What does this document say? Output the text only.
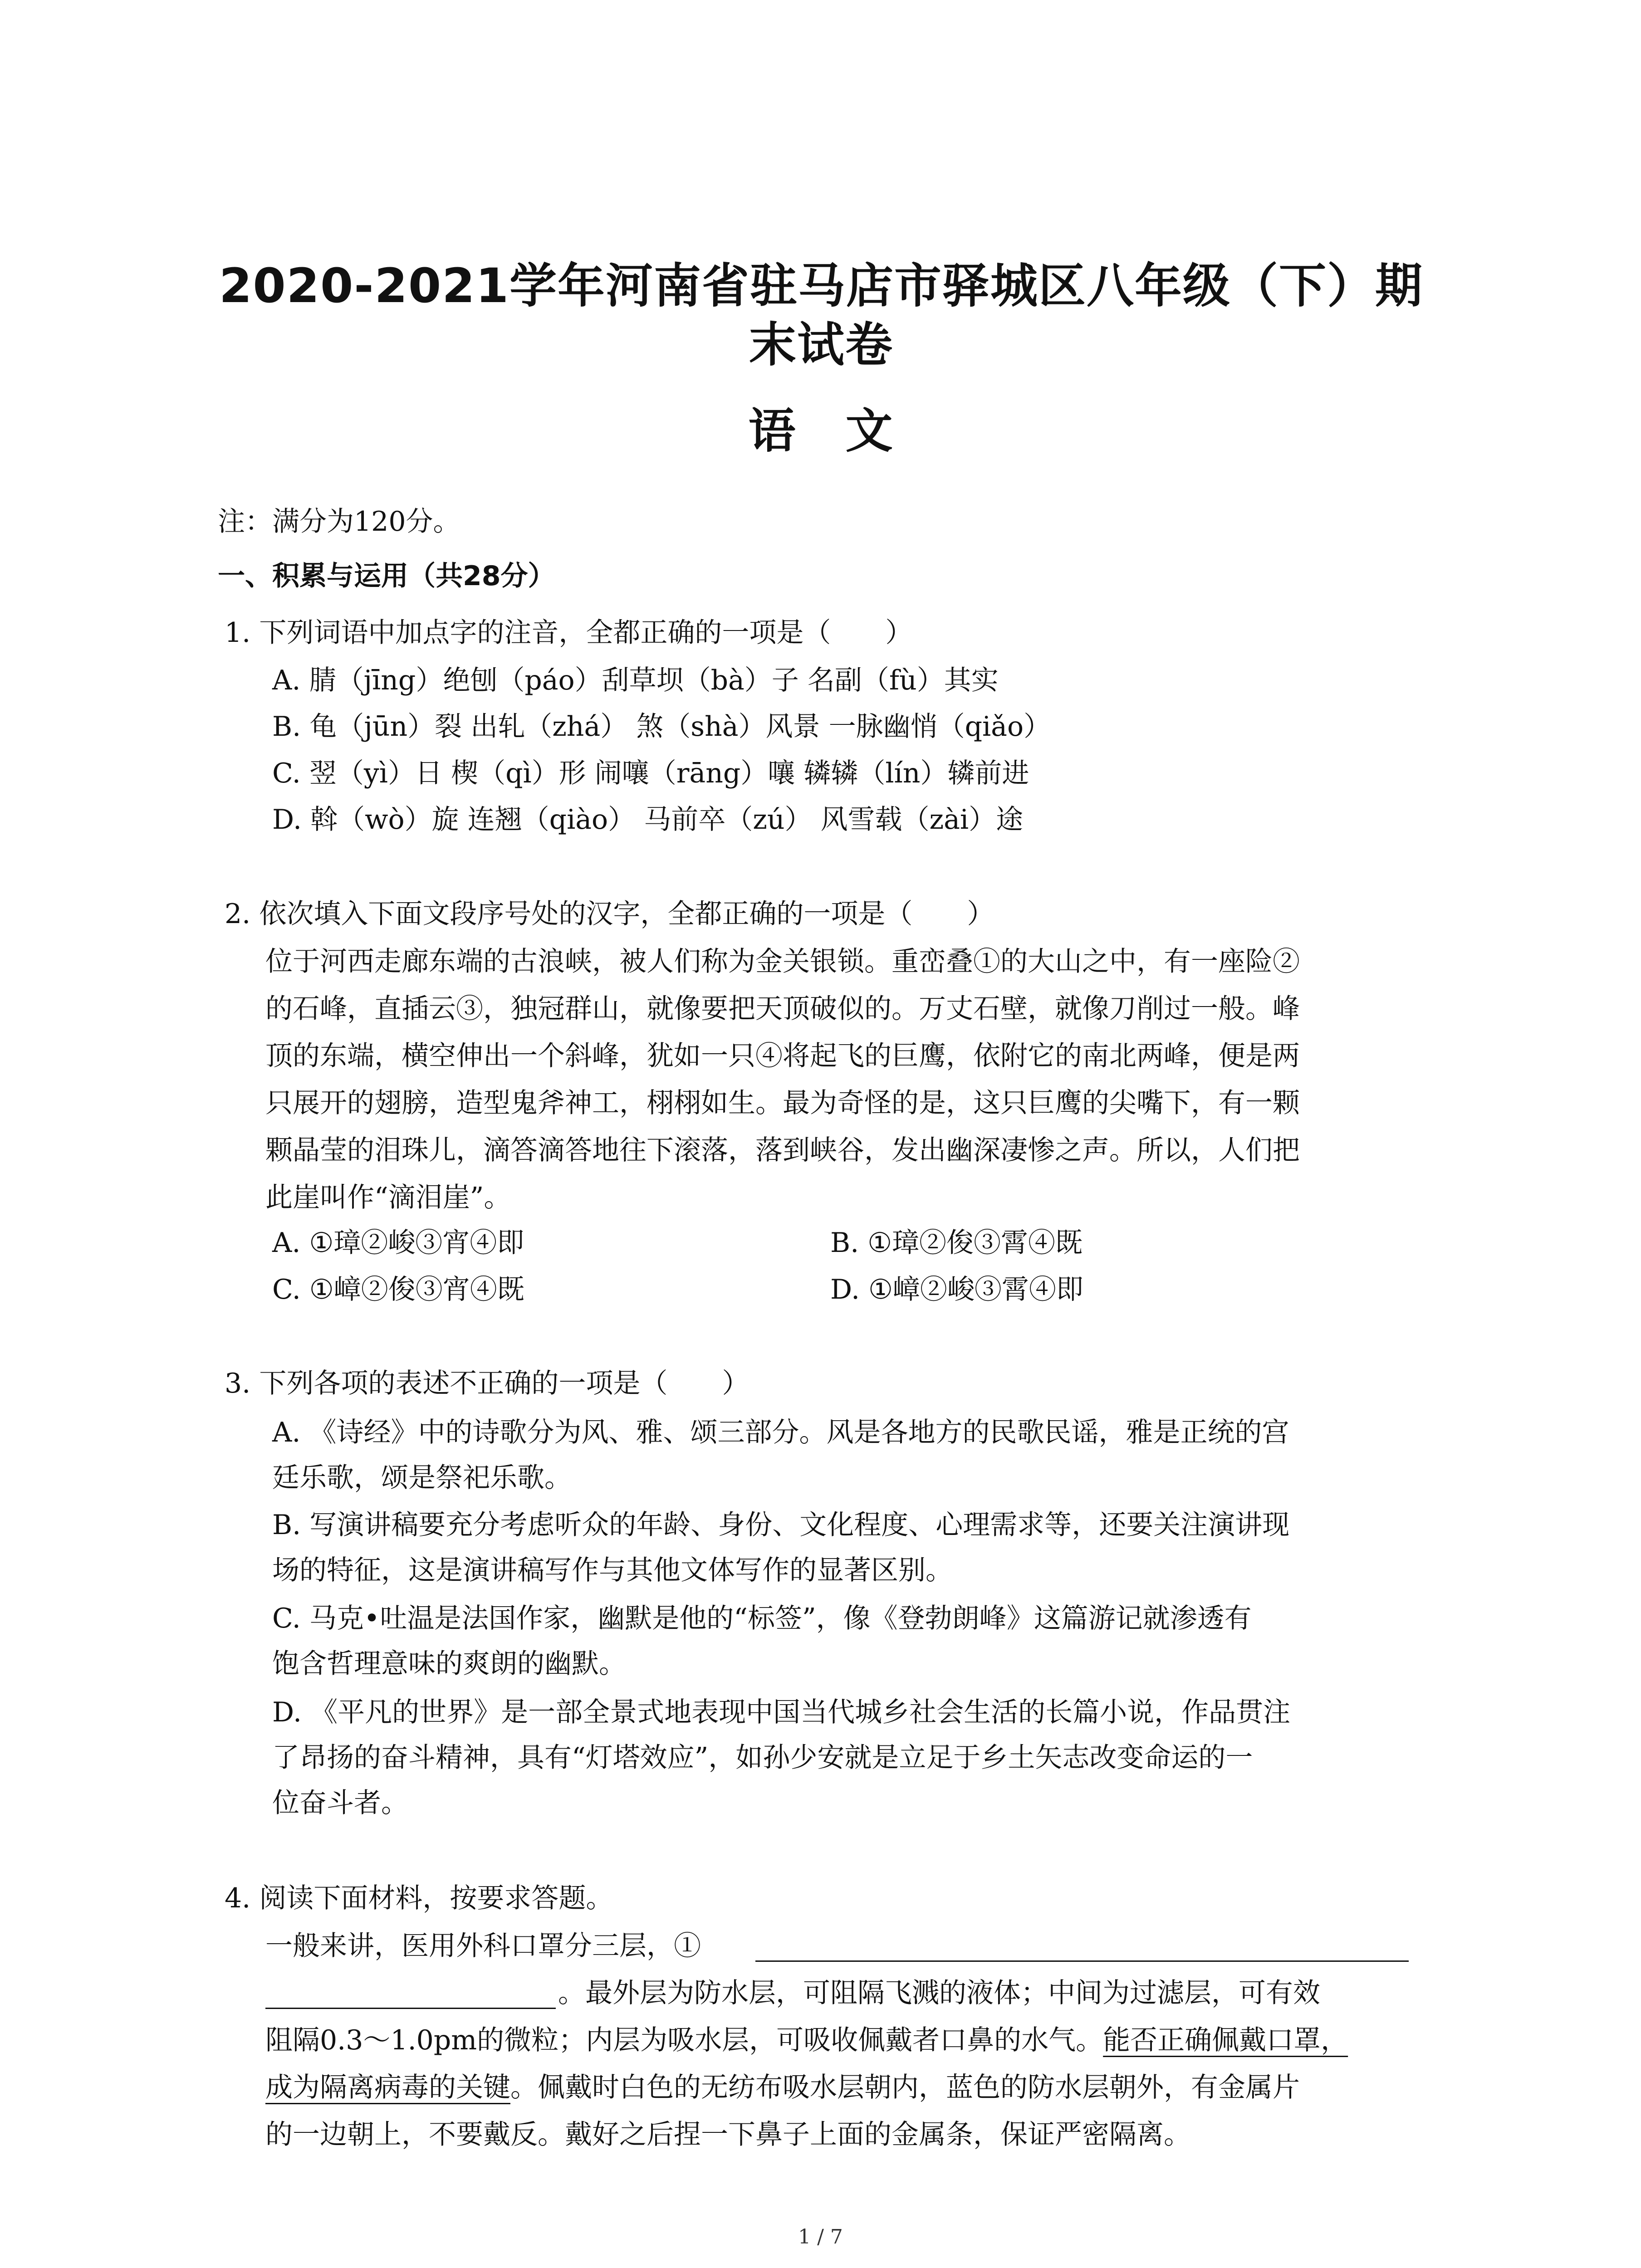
2020-2021学年河南省驻马店市驿城区八年级（下）期
末试卷
语文
注：满分为120分。
一、积累与运用（共28分）
1. 下列词语中加点字的注音，全都正确的一项是（　　）
A. 腈（jīng）绝刨（páo）刮草坝（bà）子 名副（fù）其实
B. 龟（jūn）裂 出轧（zhá） 煞（shà）风景 一脉幽悄（qiǎo）
C. 翌（yì）日 楔（qì）形 闹嚷（rāng）嚷 辚辚（lín）辚前进
D. 斡（wò）旋 连翘（qiào） 马前卒（zú） 风雪载（zài）途
2. 依次填入下面文段序号处的汉字，全都正确的一项是（　　）
位于河西走廊东端的古浪峡，被人们称为金关银锁。重峦叠①的大山之中，有一座险②
的石峰，直插云③，独冠群山，就像要把天顶破似的。万丈石壁，就像刀削过一般。峰
顶的东端，横空伸出一个斜峰，犹如一只④将起飞的巨鹰，依附它的南北两峰，便是两
只展开的翅膀，造型鬼斧神工，栩栩如生。最为奇怪的是，这只巨鹰的尖嘴下，有一颗
颗晶莹的泪珠儿，滴答滴答地往下滚落，落到峡谷，发出幽深凄惨之声。所以，人们把
此崖叫作“滴泪崖”。
A. ①璋②峻③宵④即	B. ①璋②俊③霄④既
C. ①嶂②俊③宵④既	D. ①嶂②峻③霄④即
3. 下列各项的表述不正确的一项是（　　）
A. 《诗经》中的诗歌分为风、雅、颂三部分。风是各地方的民歌民谣，雅是正统的宫
廷乐歌，颂是祭祀乐歌。
B. 写演讲稿要充分考虑听众的年龄、身份、文化程度、心理需求等，还要关注演讲现
场的特征，这是演讲稿写作与其他文体写作的显著区别。
C. 马克•吐温是法国作家，幽默是他的“标签”，像《登勃朗峰》这篇游记就渗透有
饱含哲理意味的爽朗的幽默。
D. 《平凡的世界》是一部全景式地表现中国当代城乡社会生活的长篇小说，作品贯注
了昂扬的奋斗精神，具有“灯塔效应”，如孙少安就是立足于乡土矢志改变命运的一
位奋斗者。
4. 阅读下面材料，按要求答题。
一般来讲，医用外科口罩分三层，①
。最外层为防水层，可阻隔飞溅的液体；中间为过滤层，可有效
阻隔0.3～1.0pm的微粒；内层为吸水层，可吸收佩戴者口鼻的水气。能否正确佩戴口罩，
成为隔离病毒的关键。佩戴时白色的无纺布吸水层朝内，蓝色的防水层朝外，有金属片
的一边朝上，不要戴反。戴好之后捏一下鼻子上面的金属条，保证严密隔离。
1 / 7
